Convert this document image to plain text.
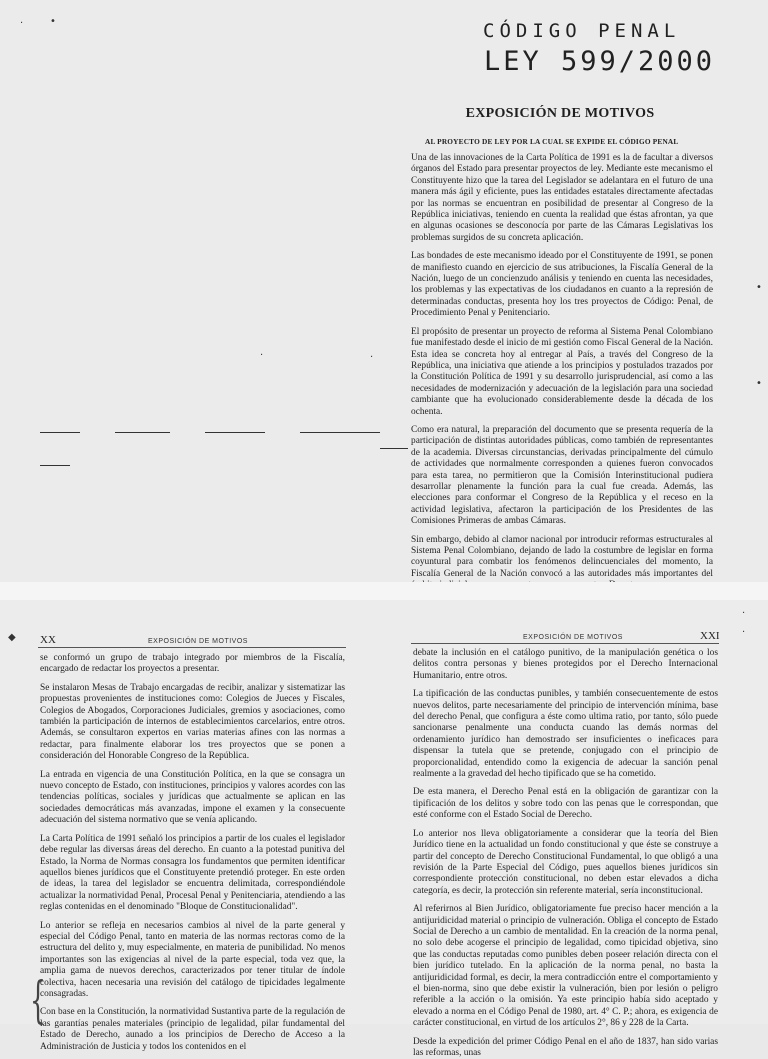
CÓDIGO PENAL
LEY 599/2000
EXPOSICIÓN DE MOTIVOS
AL PROYECTO DE LEY POR LA CUAL SE EXPIDE EL CÓDIGO PENAL

Una de las innovaciones de la Carta Política de 1991 es la de facultar a diversos órganos del Estado para presentar proyectos de ley. Mediante este mecanismo el Constituyente hizo que la tarea del Legislador se adelantara en el futuro de una manera más ágil y eficiente, pues las entidades estatales directamente afectadas por las normas se encuentran en posibilidad de presentar al Congreso de la República iniciativas, teniendo en cuenta la realidad que éstas afrontan, ya que en algunas ocasiones se desconocía por parte de las Cámaras Legislativas los problemas surgidos de su concreta aplicación.

Las bondades de este mecanismo ideado por el Constituyente de 1991, se ponen de manifiesto cuando en ejercicio de sus atribuciones, la Fiscalía General de la Nación, luego de un concienzudo análisis y teniendo en cuenta las necesidades, los problemas y las expectativas de los ciudadanos en cuanto a la represión de determinadas conductas, presenta hoy los tres proyectos de Código: Penal, de Procedimiento Penal y Penitenciario.

El propósito de presentar un proyecto de reforma al Sistema Penal Colombiano fue manifestado desde el inicio de mi gestión como Fiscal General de la Nación. Esta idea se concreta hoy al entregar al País, a través del Congreso de la República, una iniciativa que atiende a los principios y postulados trazados por la Constitución Política de 1991 y su desarrollo jurisprudencial, así como a las necesidades de modernización y adecuación de la legislación para una sociedad cambiante que ha evolucionado considerablemente desde la década de los ochenta.

Como era natural, la preparación del documento que se presenta requería de la participación de distintas autoridades públicas, como también de representantes de la academia. Diversas circunstancias, derivadas principalmente del cúmulo de actividades que normalmente corresponden a quienes fueron convocados para esta tarea, no permitieron que la Comisión Interinstitucional pudiera desarrollar plenamente la función para la cual fue creada. Además, las elecciones para conformar el Congreso de la República y el receso en la actividad legislativa, afectaron la participación de los Presidentes de las Comisiones Primeras de ambas Cámaras.

Sin embargo, debido al clamor nacional por introducir reformas estructurales al Sistema Penal Colombiano, dejando de lado la costumbre de legislar en forma coyuntural para combatir los fenómenos delincuenciales del momento, la Fiscalía General de la Nación convocó a las autoridades más importantes del

·	•
·	·
•
•
XX	EXPOSICIÓN DE MOTIVOS	XXI
EXPOSICIÓN DE MOTIVOS
◆
·
·

se conformó un grupo de trabajo integrado por miembros de la Fiscalía, encargado de redactar los proyectos a presentar.

Se instalaron Mesas de Trabajo encargadas de recibir, analizar y sistematizar las propuestas provenientes de instituciones como: Colegios de Jueces y Fiscales, Colegios de Abogados, Corporaciones Judiciales, gremios y asociaciones, como también la participación de internos de establecimientos carcelarios, entre otros. Además, se consultaron expertos en varias materias afines con las normas a redactar, para finalmente elaborar los tres proyectos que se ponen a consideración del Honorable Congreso de la República.

La entrada en vigencia de una Constitución Política, en la que se consagra un nuevo concepto de Estado, con instituciones, principios y valores acordes con las tendencias políticas, sociales y jurídicas que actualmente se aplican en las sociedades democráticas más avanzadas, impone el examen y la consecuente adecuación del sistema normativo que se venía aplicando.

La Carta Política de 1991 señaló los principios a partir de los cuales el legislador debe regular las diversas áreas del derecho. En cuanto a la potestad punitiva del Estado, la Norma de Normas consagra los fundamentos que permiten identificar aquellos bienes jurídicos que el Constituyente pretendió proteger. En este orden de ideas, la tarea del legislador se encuentra delimitada, correspondiéndole actualizar la normatividad Penal, Procesal Penal y Penitenciaria, atendiendo a las reglas contenidas en el denominado "Bloque de Constitucionalidad".

Lo anterior se refleja en necesarios cambios al nivel de la parte general y especial del Código Penal, tanto en materia de las normas rectoras como de la estructura del delito y, muy especialmente, en materia de punibilidad. No menos importantes son las exigencias al nivel de la parte especial, toda vez que, la amplia gama de nuevos derechos, caracterizados por tener titular de índole colectiva, hacen necesaria una revisión del catálogo de tipicidades legalmente consagradas.

Con base en la Constitución, la normatividad Sustantiva parte de la regulación de las garantías penales materiales (principio de legalidad, pilar fundamental del Estado de Derecho, aunado a los principios de Derecho de Acceso a la Administración de Justicia y todos los contenidos en el

debate la inclusión en el catálogo punitivo, de la manipulación genética o los delitos contra personas y bienes protegidos por el Derecho Internacional Humanitario, entre otros.

La tipificación de las conductas punibles, y también consecuentemente de estos nuevos delitos, parte necesariamente del principio de intervención mínima, base del derecho Penal, que configura a éste como ultima ratio, por tanto, sólo puede sancionarse penalmente una conducta cuando las demás normas del ordenamiento jurídico han demostrado ser insuficientes o ineficaces para dispensar la tutela que se pretende, conjugado con el principio de proporcionalidad, entendido como la exigencia de adecuar la sanción penal realmente a la gravedad del hecho tipificado que se ha cometido.

De esta manera, el Derecho Penal está en la obligación de garantizar con la tipificación de los delitos y sobre todo con las penas que le correspondan, que esté conforme con el Estado Social de Derecho.

Lo anterior nos lleva obligatoriamente a considerar que la teoría del Bien Jurídico tiene en la actualidad un fondo constitucional y que éste se construye a partir del concepto de Derecho Constitucional Fundamental, lo que obligó a una revisión de la Parte Especial del Código, pues aquellos bienes jurídicos sin correspondiente protección constitucional, no deben estar elevados a dicha categoría, es decir, la protección sin referente material, sería inconstitucional.

Al referirnos al Bien Jurídico, obligatoriamente fue preciso hacer mención a la antijuridicidad material o principio de vulneración. Obliga el concepto de Estado Social de Derecho a un cambio de mentalidad. En la creación de la norma penal, no solo debe acogerse el principio de legalidad, como tipicidad objetiva, sino que las conductas reputadas como punibles deben poseer relación directa con el bien jurídico tutelado. En la aplicación de la norma penal, no basta la antijuridicidad formal, es decir, la mera contradicción entre el comportamiento y el bien-norma, sino que debe existir la vulneración, bien por lesión o peligro referible a la acción o la omisión. Ya este principio había sido aceptado y elevado a norma en el Código Penal de 1980, art. 4° C. P.; ahora, es exigencia de carácter constitucional, en virtud de los artículos 2°, 86 y 228 de la Carta.

Desde la expedición del primer Código Penal en el año de 1837, han sido varias las reformas, unas

{
